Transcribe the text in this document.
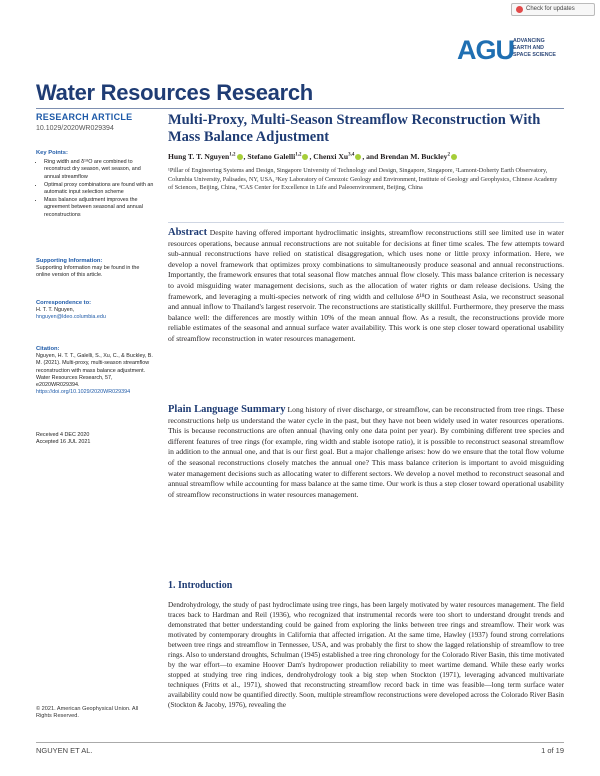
Check for updates
AGU ADVANCING
EARTH AND
SPACE SCIENCE
Water Resources Research
RESEARCH ARTICLE
10.1029/2020WR029394
Key Points:
• Ring width and δ¹⁸O are combined to reconstruct dry season, wet season, and annual streamflow
• Optimal proxy combinations are found with an automatic input selection scheme
• Mass balance adjustment improves the agreement between seasonal and annual reconstructions
Supporting Information:
Supporting Information may be found in the online version of this article.
Correspondence to:
H. T. T. Nguyen,
hnguyen@ldeo.columbia.edu
Citation:
Nguyen, H. T. T., Galelli, S., Xu, C., & Buckley, B. M. (2021). Multi-proxy, multi-season streamflow reconstruction with mass balance adjustment. Water Resources Research, 57, e2020WR029394.
https://doi.org/10.1029/2020WR029394
Received 4 DEC 2020
Accepted 16 JUL 2021
© 2021. American Geophysical Union. All Rights Reserved.
Multi-Proxy, Multi-Season Streamflow Reconstruction With Mass Balance Adjustment
Hung T. T. Nguyen$^{1,2}$ , Stefano Galelli$^{1,2}$ , Chenxi Xu$^{3,4}$ , and Brendan M. Buckley$^2$
¹Pillar of Engineering Systems and Design, Singapore University of Technology and Design, Singapore, Singapore, ²Lamont-Doherty Earth Observatory, Columbia University, Palisades, NY, USA, ³Key Laboratory of Cenozoic Geology and Environment, Institute of Geology and Geophysics, Chinese Academy of Sciences, Beijing, China, ⁴CAS Center for Excellence in Life and Paleoenvironment, Beijing, China
Abstract Despite having offered important hydroclimatic insights, streamflow reconstructions still see limited use in water resources operations, because annual reconstructions are not suitable for decisions at finer time scales. The few attempts toward sub-annual reconstructions have relied on statistical disaggregation, which uses none or little proxy information. Here, we develop a novel framework that optimizes proxy combinations to simultaneously produce seasonal and annual reconstructions. Importantly, the framework ensures that total seasonal flow matches annual flow closely. This mass balance criterion is necessary to avoid misguiding water management decisions, such as the allocation of water rights or dam release decisions. Using the framework, and leveraging a multi-species network of ring width and cellulose δ¹⁸O in Southeast Asia, we reconstruct seasonal and annual inflow to Thailand's largest reservoir. The reconstructions are statistically skillful. Furthermore, they preserve the mass balance well: the differences are mostly within 10% of the mean annual flow. As a result, the reconstructions provide more reliable estimates of the seasonal and annual surface water availability. This work is one step closer toward operational usability of streamflow reconstruction in water resources management.
Plain Language Summary Long history of river discharge, or streamflow, can be reconstructed from tree rings. These reconstructions help us understand the water cycle in the past, but they have not been widely used in water resources operations. This is because reconstructions are often annual (having only one data point per year). By combining different tree species and different features of tree rings (for example, ring width and stable isotope ratio), it is possible to reconstruct seasonal streamflow in addition to the annual one, and that is our first goal. But a major challenge arises: how do we ensure that the total flow volume of the seasonal reconstructions closely matches the annual one? This mass balance criterion is important to avoid misguiding water management decisions such as allocating water to different sectors. We develop a novel method to reconstruct seasonal and annual streamflow while accounting for mass balance at the same time. Our work is thus a step closer toward operational usability of streamflow reconstructions in water resources management.
1. Introduction
Dendrohydrology, the study of past hydroclimate using tree rings, has been largely motivated by water resources management. The field traces back to Hardman and Reil (1936), who recognized that instrumental records were too short to understand drought trends and demonstrated that better understanding could be gained from exploring the links between tree rings and streamflow. Their work was motivated by contemporary droughts in California that affected irrigation. At the same time, Hawley (1937) found strong correlations between tree rings and streamflow in Tennessee, USA, and was probably the first to show the lagged relationship of streamflow to tree rings. Also to understand droughts, Schulman (1945) established a tree ring chronology for the Colorado River Basin, this time motivated by the war effort—to examine Hoover Dam's hydropower production reliability to meet wartime demand. While these early works stopped at studying tree ring indices, dendrohydrology took a big step when Stockton (1971), leveraging advanced multivariate techniques (Fritts et al., 1971), showed that reconstructing streamflow record back in time was feasible—long term surface water availability could now be quantified directly. Soon, multiple streamflow reconstructions were developed across the Colorado River Basin (Stockton & Jacoby, 1976), revealing the
NGUYEN ET AL.	1 of 19
